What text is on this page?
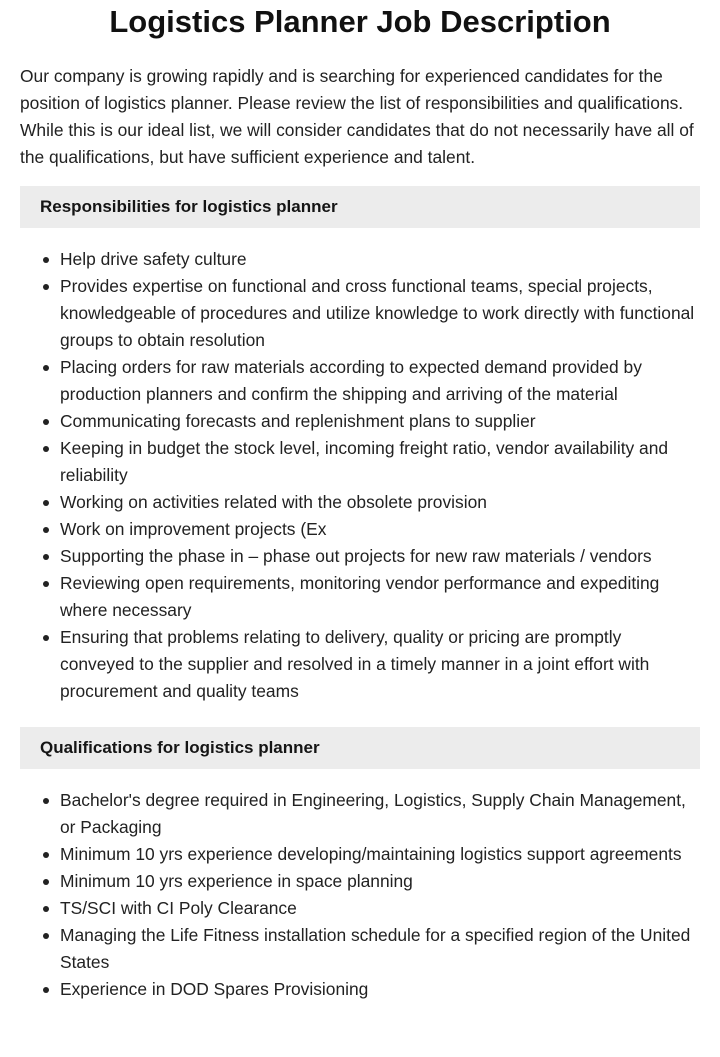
Logistics Planner Job Description

Our company is growing rapidly and is searching for experienced candidates for the position of logistics planner. Please review the list of responsibilities and qualifications. While this is our ideal list, we will consider candidates that do not necessarily have all of the qualifications, but have sufficient experience and talent.

Responsibilities for logistics planner
Help drive safety culture
Provides expertise on functional and cross functional teams, special projects, knowledgeable of procedures and utilize knowledge to work directly with functional groups to obtain resolution
Placing orders for raw materials according to expected demand provided by production planners and confirm the shipping and arriving of the material
Communicating forecasts and replenishment plans to supplier
Keeping in budget the stock level, incoming freight ratio, vendor availability and reliability
Working on activities related with the obsolete provision
Work on improvement projects (Ex
Supporting the phase in – phase out projects for new raw materials / vendors
Reviewing open requirements, monitoring vendor performance and expediting where necessary
Ensuring that problems relating to delivery, quality or pricing are promptly conveyed to the supplier and resolved in a timely manner in a joint effort with procurement and quality teams
Qualifications for logistics planner
Bachelor's degree required in Engineering, Logistics, Supply Chain Management, or Packaging
Minimum 10 yrs experience developing/maintaining logistics support agreements
Minimum 10 yrs experience in space planning
TS/SCI with CI Poly Clearance
Managing the Life Fitness installation schedule for a specified region of the United States
Experience in DOD Spares Provisioning
